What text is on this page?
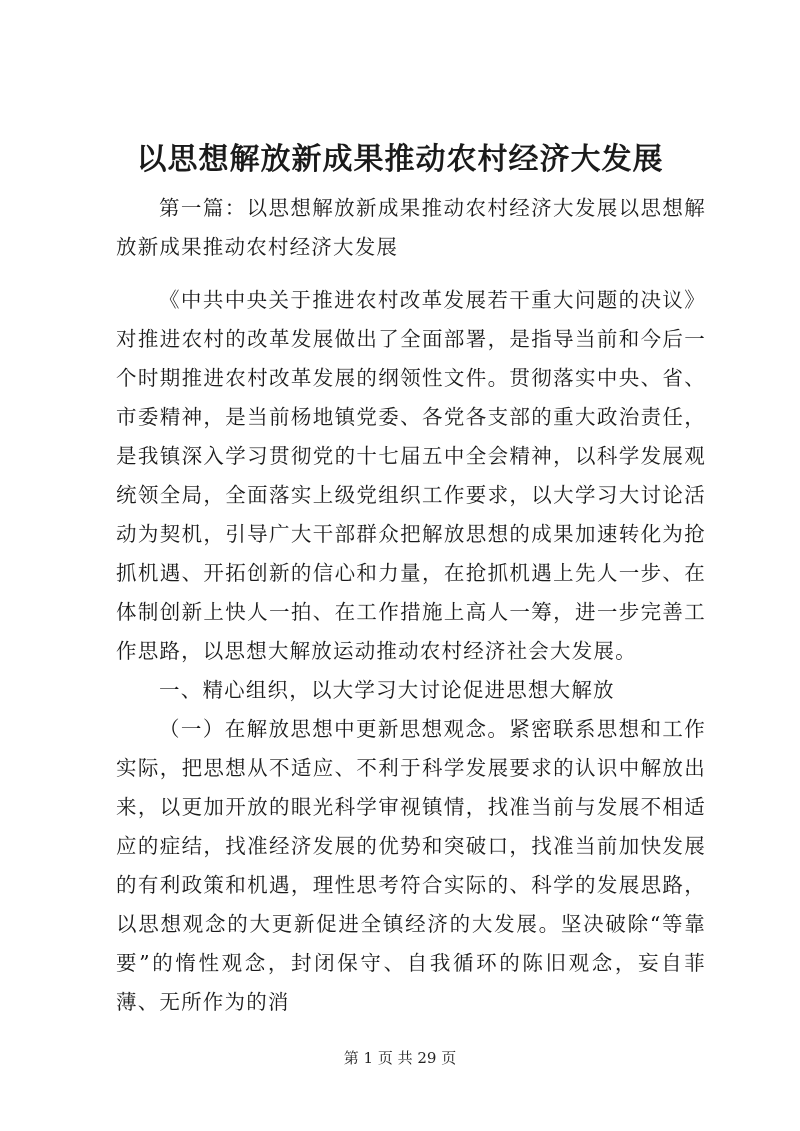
以思想解放新成果推动农村经济大发展

第一篇：以思想解放新成果推动农村经济大发展以思想解放新成果推动农村经济大发展

《中共中央关于推进农村改革发展若干重大问题的决议》对推进农村的改革发展做出了全面部署，是指导当前和今后一个时期推进农村改革发展的纲领性文件。贯彻落实中央、省、市委精神，是当前杨地镇党委、各党各支部的重大政治责任，是我镇深入学习贯彻党的十七届五中全会精神，以科学发展观统领全局，全面落实上级党组织工作要求，以大学习大讨论活动为契机，引导广大干部群众把解放思想的成果加速转化为抢抓机遇、开拓创新的信心和力量，在抢抓机遇上先人一步、在体制创新上快人一拍、在工作措施上高人一筹，进一步完善工作思路，以思想大解放运动推动农村经济社会大发展。

一、精心组织，以大学习大讨论促进思想大解放

（一）在解放思想中更新思想观念。紧密联系思想和工作实际，把思想从不适应、不利于科学发展要求的认识中解放出来，以更加开放的眼光科学审视镇情，找准当前与发展不相适应的症结，找准经济发展的优势和突破口，找准当前加快发展的有利政策和机遇，理性思考符合实际的、科学的发展思路，以思想观念的大更新促进全镇经济的大发展。坚决破除“等靠要”的惰性观念，封闭保守、自我循环的陈旧观念，妄自菲薄、无所作为的消

第 1 页 共 29 页
